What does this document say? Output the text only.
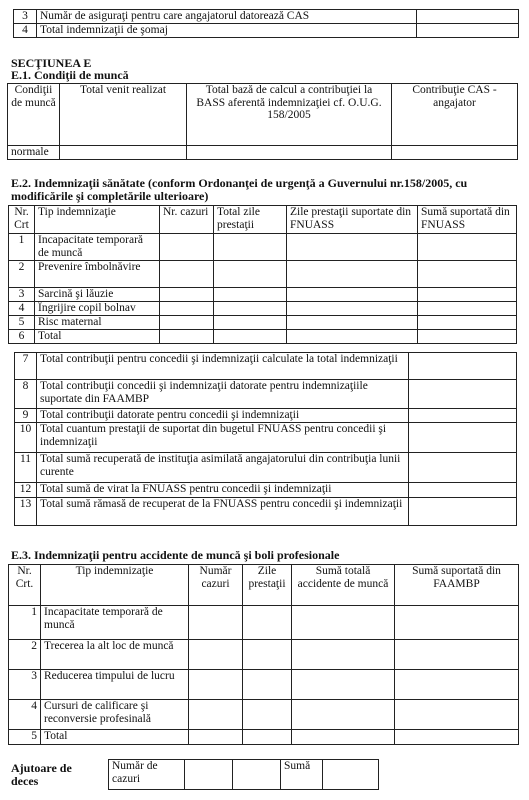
3	Număr de asiguraţi pentru care angajatorul datorează CAS	
4	Total indemnizaţii de şomaj	
SECŢIUNEA E
E.1. Condiţii de muncă
Condiţii de muncă	Total venit realizat	Total bază de calcul a contribuţiei la BASS aferentă indemnizaţiei cf. O.U.G. 158/2005	Contribuţie CAS - angajator
normale			
E.2. Indemnizaţii sănătate (conform Ordonanţei de urgenţă a Guvernului nr.158/2005, cu
modificările şi completările ulterioare)
Nr. Crt	Tip indemnizaţie	Nr. cazuri	Total zile prestaţii	Zile prestaţii suportate din FNUASS	Sumă suportată din FNUASS
1	Incapacitate temporară de muncă				
2	Prevenire îmbolnăvire				
3	Sarcină şi lăuzie				
4	Îngrijire copil bolnav				
5	Risc maternal				
6	Total				
7	Total contribuţii pentru concedii şi indemnizaţii calculate la total indemnizaţii	
8	Total contribuţii concedii şi indemnizaţii datorate pentru indemnizaţiile suportate din FAAMBP	
9	Total contribuţii datorate pentru concedii şi indemnizaţii	
10	Total cuantum prestaţii de suportat din bugetul FNUASS pentru concedii şi indemnizaţii	
11	Total sumă recuperată de instituţia asimilată angajatorului din contribuţia lunii curente	
12	Total sumă de virat la FNUASS pentru concedii şi indemnizaţii	
13	Total sumă rămasă de recuperat de la FNUASS pentru concedii şi indemnizaţii	
E.3. Indemnizaţii pentru accidente de muncă şi boli profesionale
Nr. Crt.	Tip indemnizaţie	Număr cazuri	Zile prestaţii	Sumă totală accidente de muncă	Sumă suportată din FAAMBP
1	Incapacitate temporară de muncă				
2	Trecerea la alt loc de muncă				
3	Reducerea timpului de lucru				
4	Cursuri de calificare şi reconversie profesinală				
5	Total				
Ajutoare de deces
Număr de cazuri			Sumă	
